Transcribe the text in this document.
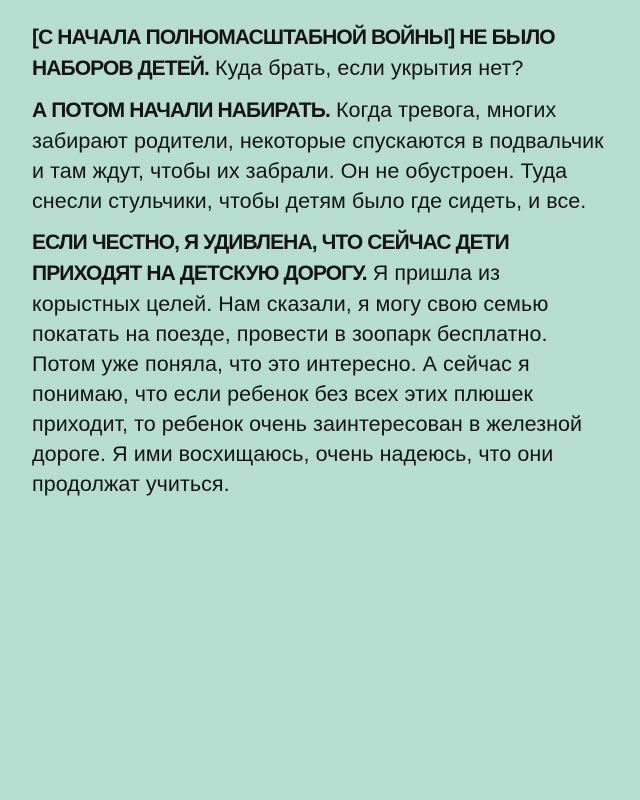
[С НАЧАЛА ПОЛНОМАСШТАБНОЙ ВОЙНЫ] НЕ БЫЛО НАБОРОВ ДЕТЕЙ. Куда брать, если укрытия нет?

А ПОТОМ НАЧАЛИ НАБИРАТЬ. Когда тревога, многих забирают родители, некоторые спускаются в подвальчик и там ждут, чтобы их забрали. Он не обустроен. Туда снесли стульчики, чтобы детям было где сидеть, и все.

ЕСЛИ ЧЕСТНО, Я УДИВЛЕНА, ЧТО СЕЙЧАС ДЕТИ ПРИХОДЯТ НА ДЕТСКУЮ ДОРОГУ. Я пришла из корыстных целей. Нам сказали, я могу свою семью покатать на поезде, провести в зоопарк бесплатно. Потом уже поняла, что это интересно. А сейчас я понимаю, что если ребенок без всех этих плюшек приходит, то ребенок очень заинтересован в железной дороге. Я ими восхищаюсь, очень надеюсь, что они продолжат учиться.
